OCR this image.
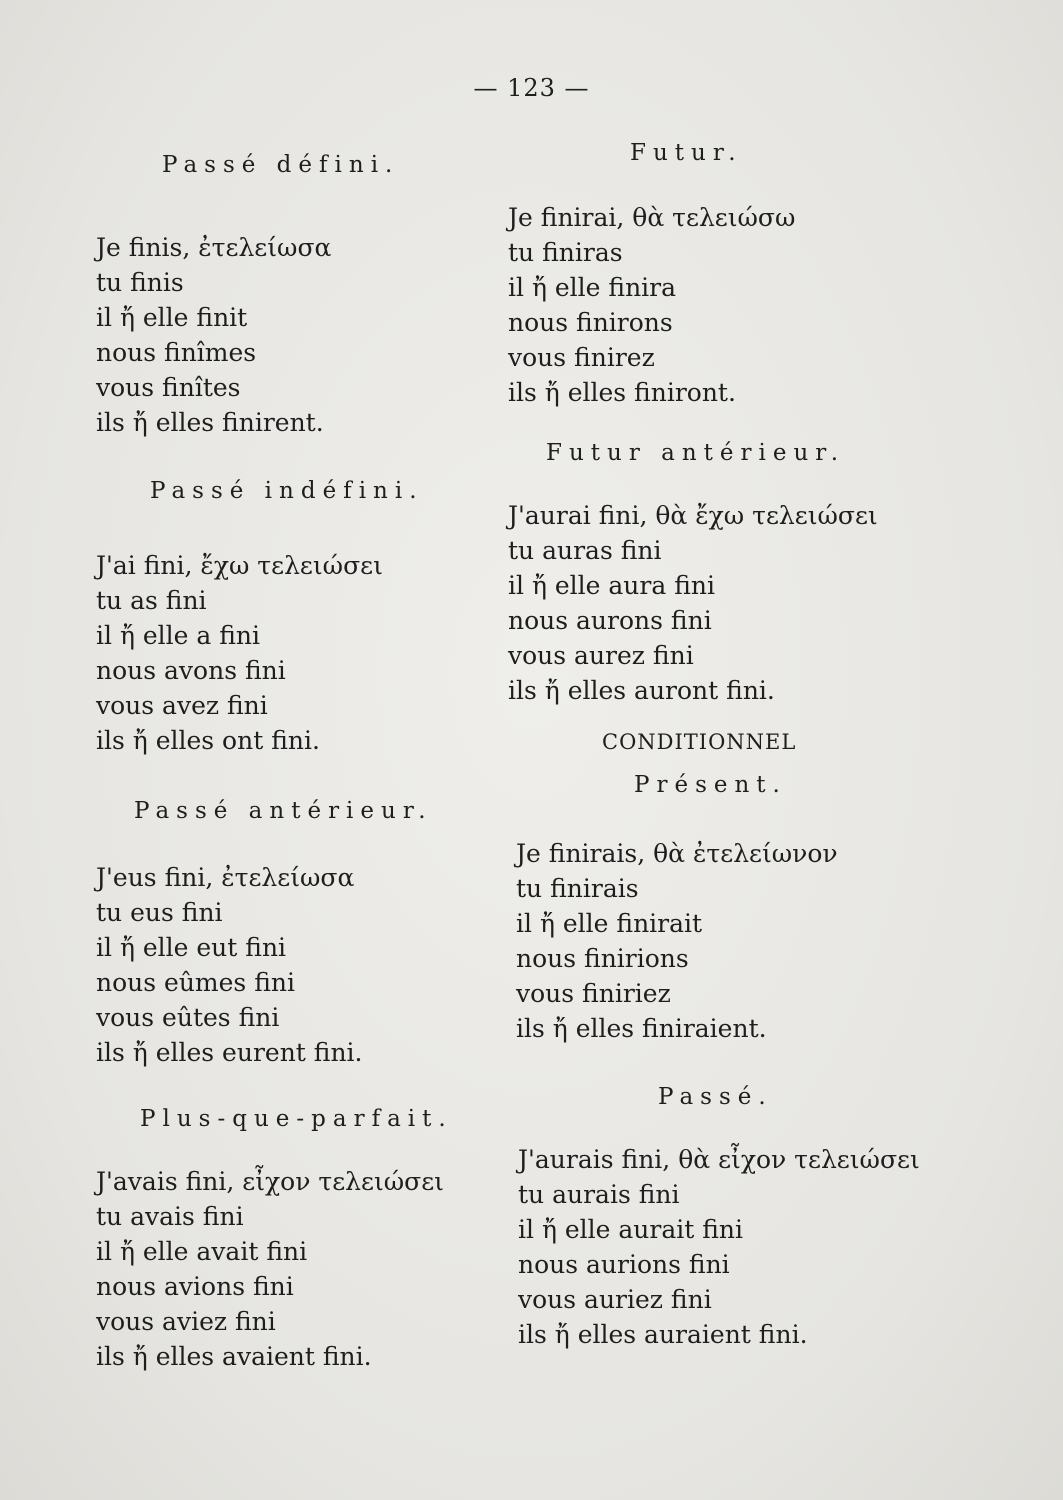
— 123 —

Passé défini.

Je finis, ἐτελείωσα
tu finis
il ἤ elle finit
nous finîmes
vous finîtes
ils ἤ elles finirent.

Passé indéfini.

J'ai fini, ἔχω τελειώσει
tu as fini
il ἤ elle a fini
nous avons fini
vous avez fini
ils ἤ elles ont fini.

Passé antérieur.

J'eus fini, ἐτελείωσα
tu eus fini
il ἤ elle eut fini
nous eûmes fini
vous eûtes fini
ils ἤ elles eurent fini.

Plus-que-parfait.

J'avais fini, εἶχον τελειώσει
tu avais fini
il ἤ elle avait fini
nous avions fini
vous aviez fini
ils ἤ elles avaient fini.

Futur.

Je finirai, θὰ τελειώσω
tu finiras
il ἤ elle finira
nous finirons
vous finirez
ils ἤ elles finiront.

Futur antérieur.

J'aurai fini, θὰ ἔχω τελειώσει
tu auras fini
il ἤ elle aura fini
nous aurons fini
vous aurez fini
ils ἤ elles auront fini.

CONDITIONNEL

Présent.

Je finirais, θὰ ἐτελείωνον
tu finirais
il ἤ elle finirait
nous finirions
vous finiriez
ils ἤ elles finiraient.

Passé.

J'aurais fini, θὰ εἶχον τελειώσει
tu aurais fini
il ἤ elle aurait fini
nous aurions fini
vous auriez fini
ils ἤ elles auraient fini.
